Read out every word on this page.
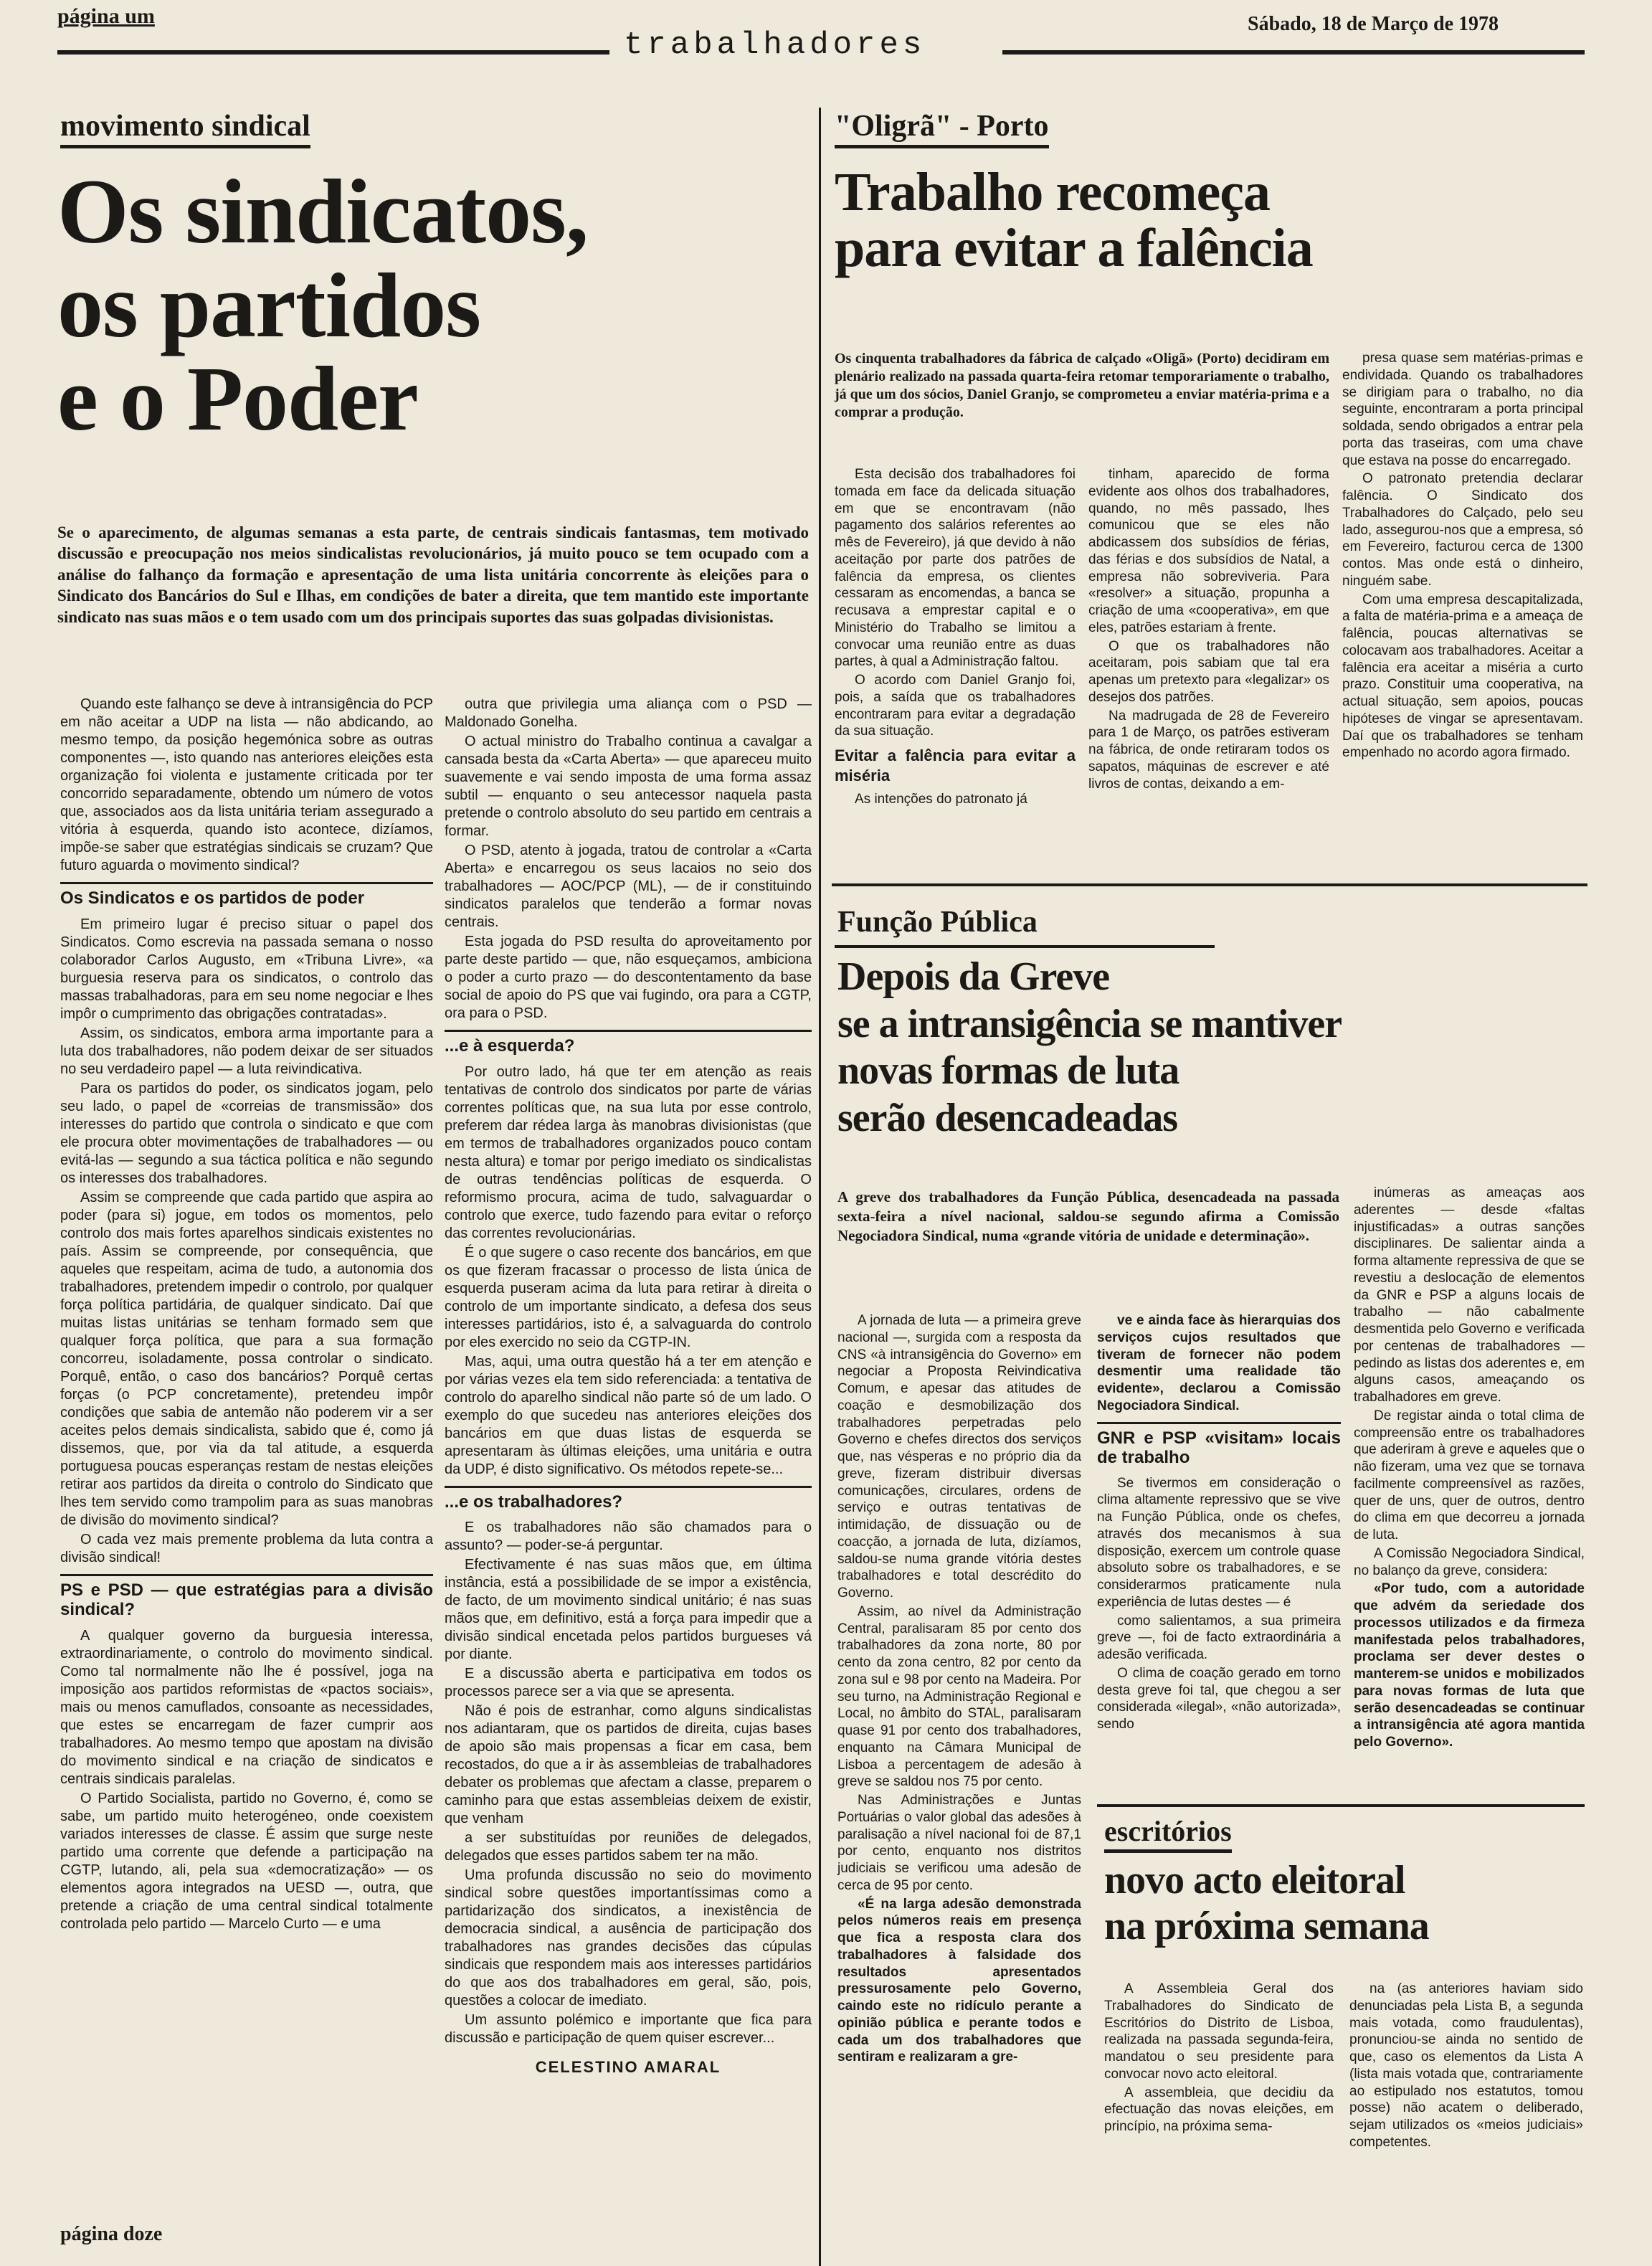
página um
trabalhadores
Sábado, 18 de Março de 1978
movimento sindical
Os sindicatos,
os partidos
e o Poder
Se o aparecimento, de algumas semanas a esta parte, de centrais sindicais fantasmas, tem motivado discussão e preocupação nos meios sindicalistas revolucionários, já muito pouco se tem ocupado com a análise do falhanço da formação e apresentação de uma lista unitária concorrente às eleições para o Sindicato dos Bancários do Sul e Ilhas, em condições de bater a direita, que tem mantido este importante sindicato nas suas mãos e o tem usado com um dos principais suportes das suas golpadas divisionistas.

Quando este falhanço se deve à intransigência do PCP em não aceitar a UDP na lista — não abdicando, ao mesmo tempo, da posição hegemónica sobre as outras componentes —, isto quando nas anteriores eleições esta organização foi violenta e justamente criticada por ter concorrido separadamente, obtendo um número de votos que, associados aos da lista unitária teriam assegurado a vitória à esquerda, quando isto acontece, dizíamos, impõe-se saber que estratégias sindicais se cruzam? Que futuro aguarda o movimento sindical?

Os Sindicatos e os partidos de poder

Em primeiro lugar é preciso situar o papel dos Sindicatos. Como escrevia na passada semana o nosso colaborador Carlos Augusto, em «Tribuna Livre», «a burguesia reserva para os sindicatos, o controlo das massas trabalhadoras, para em seu nome negociar e lhes impôr o cumprimento das obrigações contratadas».

Assim, os sindicatos, embora arma importante para a luta dos trabalhadores, não podem deixar de ser situados no seu verdadeiro papel — a luta reivindicativa.

Para os partidos do poder, os sindicatos jogam, pelo seu lado, o papel de «correias de transmissão» dos interesses do partido que controla o sindicato e que com ele procura obter movimentações de trabalhadores — ou evitá-las — segundo a sua táctica política e não segundo os interesses dos trabalhadores.

Assim se compreende que cada partido que aspira ao poder (para si) jogue, em todos os momentos, pelo controlo dos mais fortes aparelhos sindicais existentes no país. Assim se compreende, por consequência, que aqueles que respeitam, acima de tudo, a autonomia dos trabalhadores, pretendem impedir o controlo, por qualquer força política partidária, de qualquer sindicato. Daí que muitas listas unitárias se tenham formado sem que qualquer força política, que para a sua formação concorreu, isoladamente, possa controlar o sindicato. Porquê, então, o caso dos bancários? Porquê certas forças (o PCP concretamente), pretendeu impôr condições que sabia de antemão não poderem vir a ser aceites pelos demais sindicalista, sabido que é, como já dissemos, que, por via da tal atitude, a esquerda portuguesa poucas esperanças restam de nestas eleições retirar aos partidos da direita o controlo do Sindicato que lhes tem servido como trampolim para as suas manobras de divisão do movimento sindical?

O cada vez mais premente problema da luta contra a divisão sindical!

PS e PSD — que estratégias para a divisão sindical?

A qualquer governo da burguesia interessa, extraordinariamente, o controlo do movimento sindical. Como tal normalmente não lhe é possível, joga na imposição aos partidos reformistas de «pactos sociais», mais ou menos camuflados, consoante as necessidades, que estes se encarregam de fazer cumprir aos trabalhadores. Ao mesmo tempo que apostam na divisão do movimento sindical e na criação de sindicatos e centrais sindicais paralelas.

O Partido Socialista, partido no Governo, é, como se sabe, um partido muito heterogéneo, onde coexistem variados interesses de classe. É assim que surge neste partido uma corrente que defende a participação na CGTP, lutando, ali, pela sua «democratização» — os elementos agora integrados na UESD —, outra, que pretende a criação de uma central sindical totalmente controlada pelo partido — Marcelo Curto — e uma

outra que privilegia uma aliança com o PSD — Maldonado Gonelha.

O actual ministro do Trabalho continua a cavalgar a cansada besta da «Carta Aberta» — que apareceu muito suavemente e vai sendo imposta de uma forma assaz subtil — enquanto o seu antecessor naquela pasta pretende o controlo absoluto do seu partido em centrais a formar.

O PSD, atento à jogada, tratou de controlar a «Carta Aberta» e encarregou os seus lacaios no seio dos trabalhadores — AOC/PCP (ML), — de ir constituindo sindicatos paralelos que tenderão a formar novas centrais.

Esta jogada do PSD resulta do aproveitamento por parte deste partido — que, não esqueçamos, ambiciona o poder a curto prazo — do descontentamento da base social de apoio do PS que vai fugindo, ora para a CGTP, ora para o PSD.

...e à esquerda?

Por outro lado, há que ter em atenção as reais tentativas de controlo dos sindicatos por parte de várias correntes políticas que, na sua luta por esse controlo, preferem dar rédea larga às manobras divisionistas (que em termos de trabalhadores organizados pouco contam nesta altura) e tomar por perigo imediato os sindicalistas de outras tendências políticas de esquerda. O reformismo procura, acima de tudo, salvaguardar o controlo que exerce, tudo fazendo para evitar o reforço das correntes revolucionárias.

É o que sugere o caso recente dos bancários, em que os que fizeram fracassar o processo de lista única de esquerda puseram acima da luta para retirar à direita o controlo de um importante sindicato, a defesa dos seus interesses partidários, isto é, a salvaguarda do controlo por eles exercido no seio da CGTP-IN.

Mas, aqui, uma outra questão há a ter em atenção e por várias vezes ela tem sido referenciada: a tentativa de controlo do aparelho sindical não parte só de um lado. O exemplo do que sucedeu nas anteriores eleições dos bancários em que duas listas de esquerda se apresentaram às últimas eleições, uma unitária e outra da UDP, é disto significativo. Os métodos repete-se...

...e os trabalhadores?

E os trabalhadores não são chamados para o assunto? — poder-se-á perguntar.

Efectivamente é nas suas mãos que, em última instância, está a possibilidade de se impor a existência, de facto, de um movimento sindical unitário; é nas suas mãos que, em definitivo, está a força para impedir que a divisão sindical encetada pelos partidos burgueses vá por diante.

E a discussão aberta e participativa em todos os processos parece ser a via que se apresenta.

Não é pois de estranhar, como alguns sindicalistas nos adiantaram, que os partidos de direita, cujas bases de apoio são mais propensas a ficar em casa, bem recostados, do que a ir às assembleias de trabalhadores debater os problemas que afectam a classe, preparem o caminho para que estas assembleias deixem de existir, que venham

a ser substituídas por reuniões de delegados, delegados que esses partidos sabem ter na mão.

Uma profunda discussão no seio do movimento sindical sobre questões importantíssimas como a partidarização dos sindicatos, a inexistência de democracia sindical, a ausência de participação dos trabalhadores nas grandes decisões das cúpulas sindicais que respondem mais aos interesses partidários do que aos dos trabalhadores em geral, são, pois, questões a colocar de imediato.

Um assunto polémico e importante que fica para discussão e participação de quem quiser escrever...

CELESTINO AMARAL
página doze
"Oligrã" - Porto
Trabalho recomeça
para evitar a falência
Os cinquenta trabalhadores da fábrica de calçado «Oligã» (Porto) decidiram em plenário realizado na passada quarta-feira retomar temporariamente o trabalho, já que um dos sócios, Daniel Granjo, se comprometeu a enviar matéria-prima e a comprar a produção.

Esta decisão dos trabalhadores foi tomada em face da delicada situação em que se encontravam (não pagamento dos salários referentes ao mês de Fevereiro), já que devido à não aceitação por parte dos patrões de falência da empresa, os clientes cessaram as encomendas, a banca se recusava a emprestar capital e o Ministério do Trabalho se limitou a convocar uma reunião entre as duas partes, à qual a Administração faltou.

O acordo com Daniel Granjo foi, pois, a saída que os trabalhadores encontraram para evitar a degradação da sua situação.

Evitar a falência para evitar a miséria

As intenções do patronato já

tinham, aparecido de forma evidente aos olhos dos trabalhadores, quando, no mês passado, lhes comunicou que se eles não abdicassem dos subsídios de férias, das férias e dos subsídios de Natal, a empresa não sobreviveria. Para «resolver» a situação, propunha a criação de uma «cooperativa», em que eles, patrões estariam à frente.

O que os trabalhadores não aceitaram, pois sabiam que tal era apenas um pretexto para «legalizar» os desejos dos patrões.

Na madrugada de 28 de Fevereiro para 1 de Março, os patrões estiveram na fábrica, de onde retiraram todos os sapatos, máquinas de escrever e até livros de contas, deixando a em-

presa quase sem matérias-primas e endividada. Quando os trabalhadores se dirigiam para o trabalho, no dia seguinte, encontraram a porta principal soldada, sendo obrigados a entrar pela porta das traseiras, com uma chave que estava na posse do encarregado.

O patronato pretendia declarar falência. O Sindicato dos Trabalhadores do Calçado, pelo seu lado, assegurou-nos que a empresa, só em Fevereiro, facturou cerca de 1300 contos. Mas onde está o dinheiro, ninguém sabe.

Com uma empresa descapitalizada, a falta de matéria-prima e a ameaça de falência, poucas alternativas se colocavam aos trabalhadores. Aceitar a falência era aceitar a miséria a curto prazo. Constituir uma cooperativa, na actual situação, sem apoios, poucas hipóteses de vingar se apresentavam. Daí que os trabalhadores se tenham empenhado no acordo agora firmado.

Função Pública
Depois da Greve
se a intransigência se mantiver
novas formas de luta
serão desencadeadas
A greve dos trabalhadores da Função Pública, desencadeada na passada sexta-feira a nível nacional, saldou-se segundo afirma a Comissão Negociadora Sindical, numa «grande vitória de unidade e determinação».

A jornada de luta — a primeira greve nacional —, surgida com a resposta da CNS «à intransigência do Governo» em negociar a Proposta Reivindicativa Comum, e apesar das atitudes de coação e desmobilização dos trabalhadores perpetradas pelo Governo e chefes directos dos serviços que, nas vésperas e no próprio dia da greve, fizeram distribuir diversas comunicações, circulares, ordens de serviço e outras tentativas de intimidação, de dissuação ou de coacção, a jornada de luta, dizíamos, saldou-se numa grande vitória destes trabalhadores e total descrédito do Governo.

Assim, ao nível da Administração Central, paralisaram 85 por cento dos trabalhadores da zona norte, 80 por cento da zona centro, 82 por cento da zona sul e 98 por cento na Madeira. Por seu turno, na Administração Regional e Local, no âmbito do STAL, paralisaram quase 91 por cento dos trabalhadores, enquanto na Câmara Municipal de Lisboa a percentagem de adesão à greve se saldou nos 75 por cento.

Nas Administrações e Juntas Portuárias o valor global das adesões à paralisação a nível nacional foi de 87,1 por cento, enquanto nos distritos judiciais se verificou uma adesão de cerca de 95 por cento.

«É na larga adesão demonstrada pelos números reais em presença que fica a resposta clara dos trabalhadores à falsidade dos resultados apresentados pressurosamente pelo Governo, caindo este no ridículo perante a opinião pública e perante todos e cada um dos trabalhadores que sentiram e realizaram a gre-

ve e ainda face às hierarquias dos serviços cujos resultados que tiveram de fornecer não podem desmentir uma realidade tão evidente», declarou a Comissão Negociadora Sindical.

GNR e PSP «visitam» locais de trabalho

Se tivermos em consideração o clima altamente repressivo que se vive na Função Pública, onde os chefes, através dos mecanismos à sua disposição, exercem um controle quase absoluto sobre os trabalhadores, e se considerarmos praticamente nula experiência de lutas destes — é

como salientamos, a sua primeira greve —, foi de facto extraordinária a adesão verificada.

O clima de coação gerado em torno desta greve foi tal, que chegou a ser considerada «ilegal», «não autorizada», sendo

inúmeras as ameaças aos aderentes — desde «faltas injustificadas» a outras sanções disciplinares. De salientar ainda a forma altamente repressiva de que se revestiu a deslocação de elementos da GNR e PSP a alguns locais de trabalho — não cabalmente desmentida pelo Governo e verificada por centenas de trabalhadores — pedindo as listas dos aderentes e, em alguns casos, ameaçando os trabalhadores em greve.

De registar ainda o total clima de compreensão entre os trabalhadores que aderiram à greve e aqueles que o não fizeram, uma vez que se tornava facilmente compreensível as razões, quer de uns, quer de outros, dentro do clima em que decorreu a jornada de luta.

A Comissão Negociadora Sindical, no balanço da greve, considera:

«Por tudo, com a autoridade que advém da seriedade dos processos utilizados e da firmeza manifestada pelos trabalhadores, proclama ser dever destes o manterem-se unidos e mobilizados para novas formas de luta que serão desencadeadas se continuar a intransigência até agora mantida pelo Governo».

escritórios
novo acto eleitoral
na próxima semana

A Assembleia Geral dos Trabalhadores do Sindicato de Escritórios do Distrito de Lisboa, realizada na passada segunda-feira, mandatou o seu presidente para convocar novo acto eleitoral.

A assembleia, que decidiu da efectuação das novas eleições, em princípio, na próxima sema-

na (as anteriores haviam sido denunciadas pela Lista B, a segunda mais votada, como fraudulentas), pronunciou-se ainda no sentido de que, caso os elementos da Lista A (lista mais votada que, contrariamente ao estipulado nos estatutos, tomou posse) não acatem o deliberado, sejam utilizados os «meios judiciais» competentes.
